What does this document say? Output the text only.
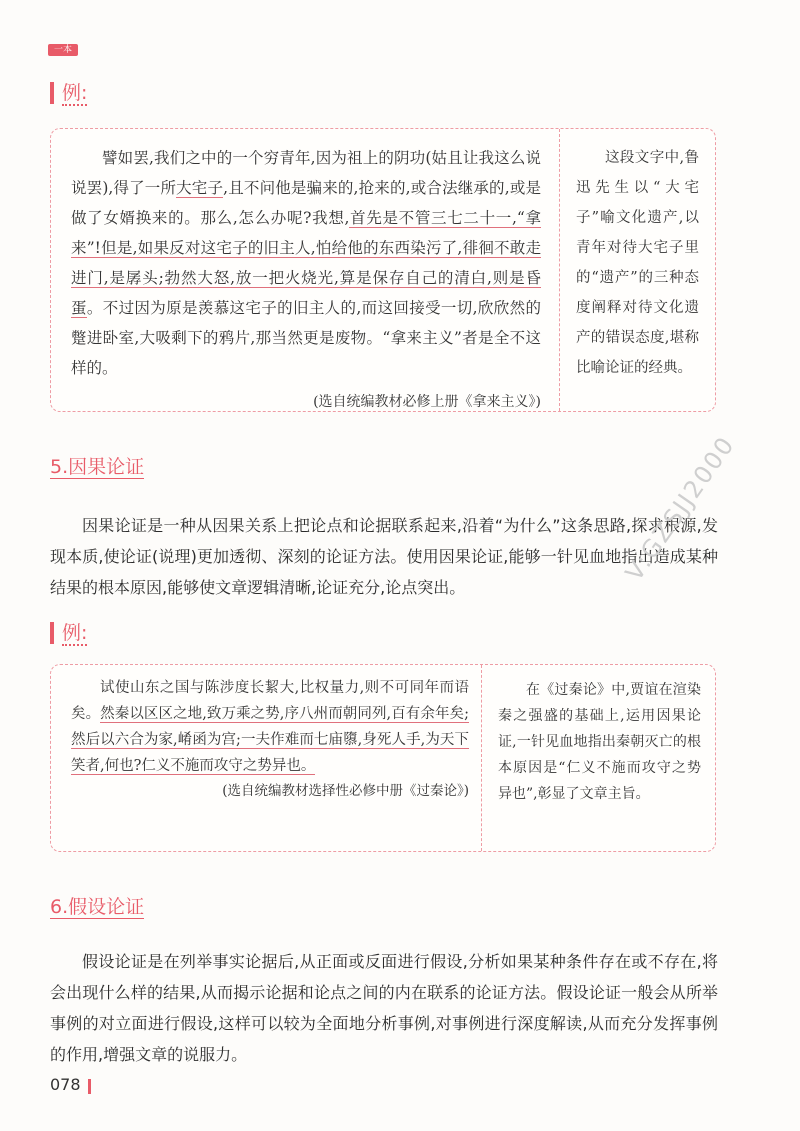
一本
例:

譬如罢,我们之中的一个穷青年,因为祖上的阴功(姑且让我这么说说罢),得了一所大宅子,且不问他是骗来的,抢来的,或合法继承的,或是做了女婿换来的。那么,怎么办呢?我想,首先是不管三七二十一,“拿来”!但是,如果反对这宅子的旧主人,怕给他的东西染污了,徘徊不敢走进门,是孱头;勃然大怒,放一把火烧光,算是保存自己的清白,则是昏蛋。不过因为原是羡慕这宅子的旧主人的,而这回接受一切,欣欣然的蹩进卧室,大吸剩下的鸦片,那当然更是废物。“拿来主义”者是全不这样的。

(选自统编教材必修上册《拿来主义》)

这段文字中,鲁迅先生以“大宅子”喻文化遗产,以青年对待大宅子里的“遗产”的三种态度阐释对待文化遗产的错误态度,堪称比喻论证的经典。

5.因果论证

因果论证是一种从因果关系上把论点和论据联系起来,沿着“为什么”这条思路,探求根源,发现本质,使论证(说理)更加透彻、深刻的论证方法。使用因果论证,能够一针见血地指出造成某种结果的根本原因,能够使文章逻辑清晰,论证充分,论点突出。

例:

试使山东之国与陈涉度长絜大,比权量力,则不可同年而语矣。然秦以区区之地,致万乘之势,序八州而朝同列,百有余年矣;然后以六合为家,崤函为宫;一夫作难而七庙隳,身死人手,为天下笑者,何也?仁义不施而攻守之势异也。

(选自统编教材选择性必修中册《过秦论》)

在《过秦论》中,贾谊在渲染秦之强盛的基础上,运用因果论证,一针见血地指出秦朝灭亡的根本原因是“仁义不施而攻守之势异也”,彰显了文章主旨。

6.假设论证

假设论证是在列举事实论据后,从正面或反面进行假设,分析如果某种条件存在或不存在,将会出现什么样的结果,从而揭示论据和论点之间的内在联系的论证方法。假设论证一般会从所举事例的对立面进行假设,这样可以较为全面地分析事例,对事例进行深度解读,从而充分发挥事例的作用,增强文章的说服力。

V:GZSJJ2000
078
